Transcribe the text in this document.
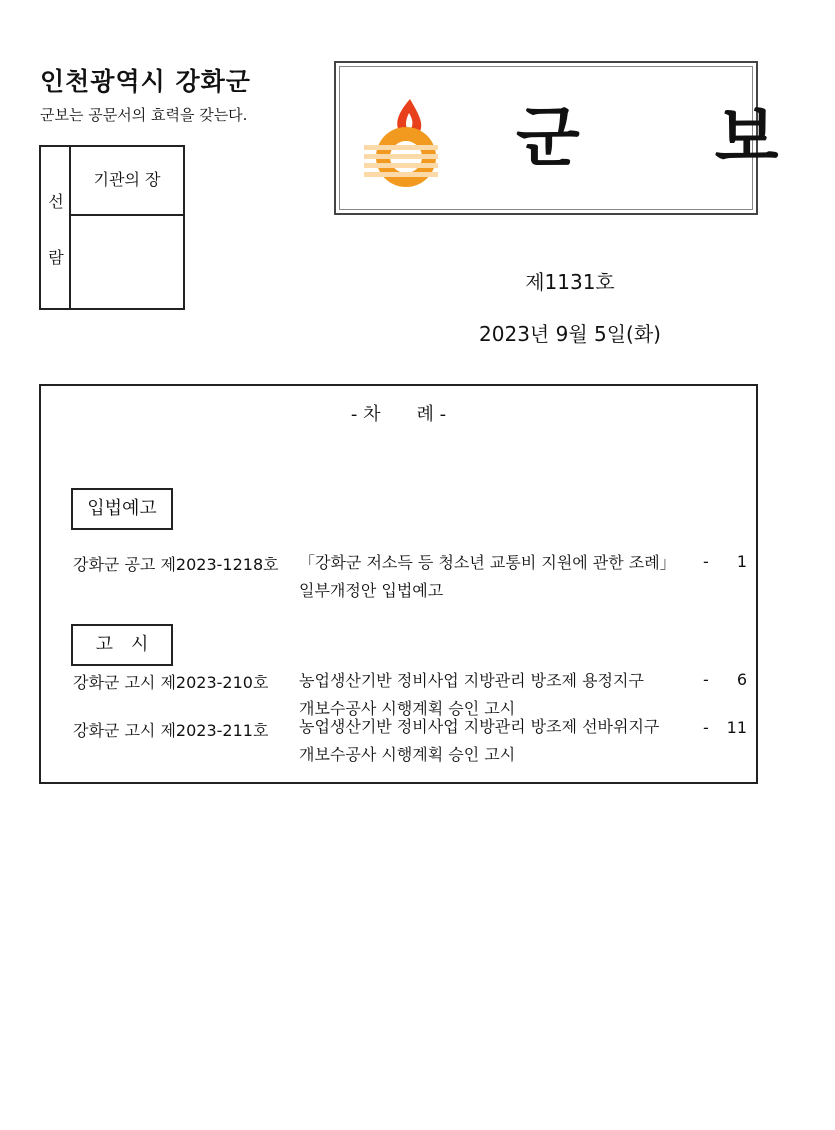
인천광역시 강화군
군보는 공문서의 효력을 갖는다.
선
람
기관의 장
군 보
제1131호
2023년 9월 5일(화)
- 차　　례 -
입법예고
강화군 공고 제2023-1218호 「강화군 저소득 등 청소년 교통비 지원에 관한 조례」
일부개정안 입법예고
-	1
고　시
강화군 고시 제2023-210호 농업생산기반 정비사업 지방관리 방조제 용정지구
개보수공사 시행계획 승인 고시
-	6
강화군 고시 제2023-211호 농업생산기반 정비사업 지방관리 방조제 선바위지구
개보수공사 시행계획 승인 고시
-	11
